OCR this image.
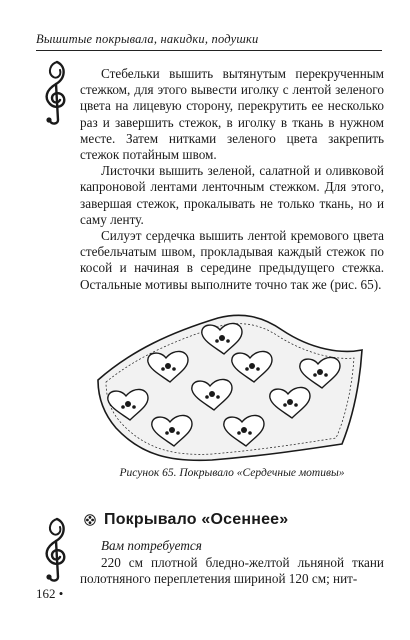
Вышитые покрывала, накидки, подушки

Стебельки вышить вытянутым перекрученным стежком, для этого вывести иголку с лентой зеленого цвета на лицевую сторону, перекрутить ее несколько раз и завершить стежок, в иголку в ткань в нужном месте. Затем нитками зеленого цвета закрепить стежок потайным швом.

Листочки вышить зеленой, салатной и оливковой капроновой лентами ленточным стежком. Для этого, завершая стежок, прокалывать не только ткань, но и саму ленту.

Силуэт сердечка вышить лентой кремового цвета стебельчатым швом, прокладывая каждый стежок по косой и начиная в середине предыдущего стежка. Остальные мотивы выполните точно так же (рис. 65).

Рисунок 65. Покрывало «Сердечные мотивы»
Покрывало «Осеннее»
Вам потребуется

220 см плотной бледно-желтой льняной ткани полотняного переплетения шириной 120 см; нит-

162 •
